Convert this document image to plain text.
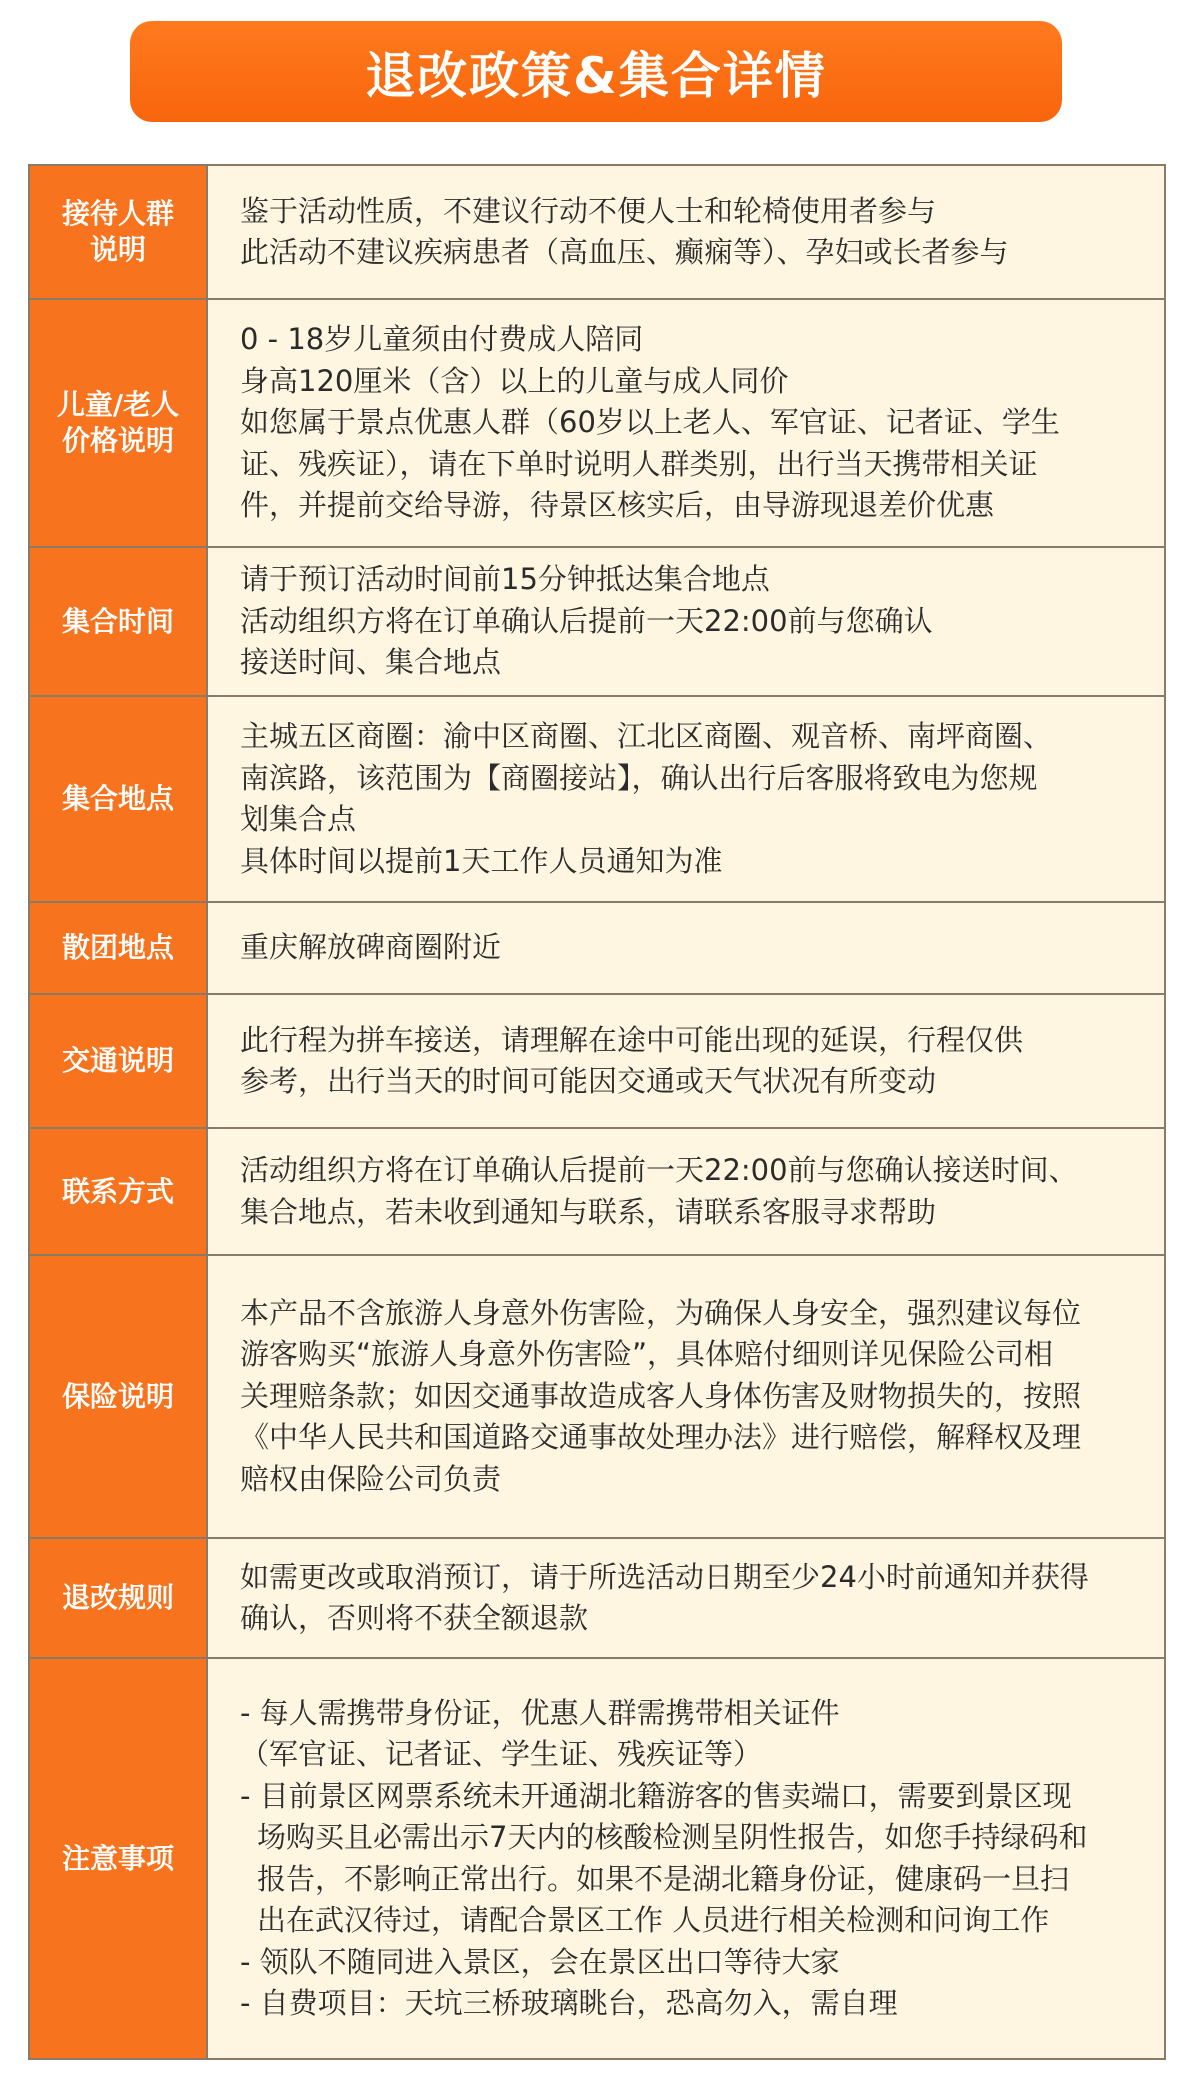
退改政策&集合详情
接待人群
说明
鉴于活动性质，不建议行动不便人士和轮椅使用者参与
此活动不建议疾病患者（高血压、癫痫等）、孕妇或长者参与
儿童/老人
价格说明
0 - 18岁儿童须由付费成人陪同
身高120厘米（含）以上的儿童与成人同价
如您属于景点优惠人群（60岁以上老人、军官证、记者证、学生
证、残疾证），请在下单时说明人群类别，出行当天携带相关证
件，并提前交给导游，待景区核实后，由导游现退差价优惠
集合时间
请于预订活动时间前15分钟抵达集合地点
活动组织方将在订单确认后提前一天22:00前与您确认
接送时间、集合地点
集合地点
主城五区商圈：渝中区商圈、江北区商圈、观音桥、南坪商圈、
南滨路，该范围为【商圈接站】，确认出行后客服将致电为您规
划集合点
具体时间以提前1天工作人员通知为准
散团地点 重庆解放碑商圈附近
交通说明
此行程为拼车接送，请理解在途中可能出现的延误，行程仅供
参考，出行当天的时间可能因交通或天气状况有所变动
联系方式
活动组织方将在订单确认后提前一天22:00前与您确认接送时间、
集合地点，若未收到通知与联系，请联系客服寻求帮助
保险说明
本产品不含旅游人身意外伤害险，为确保人身安全，强烈建议每位
游客购买“旅游人身意外伤害险”，具体赔付细则详见保险公司相
关理赔条款；如因交通事故造成客人身体伤害及财物损失的，按照
《中华人民共和国道路交通事故处理办法》进行赔偿，解释权及理
赔权由保险公司负责
退改规则
如需更改或取消预订，请于所选活动日期至少24小时前通知并获得
确认，否则将不获全额退款
注意事项
- 每人需携带身份证，优惠人群需携带相关证件
（军官证、记者证、学生证、残疾证等）
- 目前景区网票系统未开通湖北籍游客的售卖端口，需要到景区现
场购买且必需出示7天内的核酸检测呈阴性报告，如您手持绿码和
报告，不影响正常出行。如果不是湖北籍身份证，健康码一旦扫
出在武汉待过，请配合景区工作 人员进行相关检测和问询工作
- 领队不随同进入景区，会在景区出口等待大家
- 自费项目：天坑三桥玻璃眺台，恐高勿入，需自理
